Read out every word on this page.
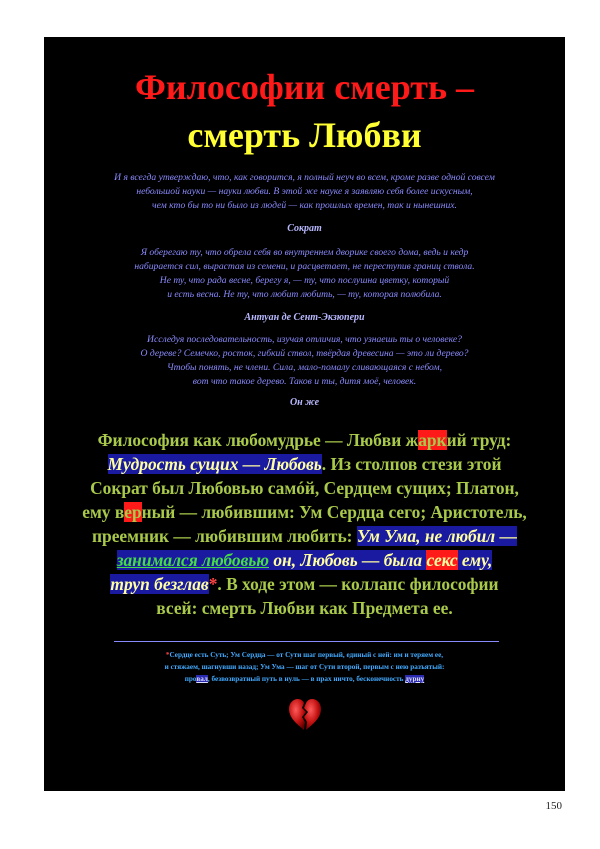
Философии смерть –
смерть Любви
И я всегда утверждаю, что, как говорится, я полный неуч во всем, кроме разве одной совсем
небольшой науки — науки любви. В этой же науке я заявляю себя более искусным,
чем кто бы то ни было из людей — как прошлых времен, так и нынешних.
Сократ
Я оберегаю ту, что обрела себя во внутреннем дворике своего дома, ведь и кедр
набирается сил, вырастая из семени, и расцветает, не переступив границ ствола.
Не ту, что рада весне, берегу я, — ту, что послушна цветку, который
и есть весна. Не ту, что любит любить, — ту, которая полюбила.
Антуан де Сент-Экзюпери
Исследуя последовательность, изучая отличия, что узнаешь ты о человеке?
О дереве? Семечко, росток, гибкий ствол, твёрдая древесина — это ли дерево?
Чтобы понять, не члени. Сила, мало-помалу сливающаяся с небом,
вот что такое дерево. Таков и ты, дитя моё, человек.
Он же
Философия как любомудрье — Любви жаркий труд:
Мудрость сущих — Любовь. Из столпов стези этой
Сократ был Любовью самóй, Сердцем сущих; Платон,
ему верный — любившим: Ум Сердца сего; Аристотель,
преемник — любившим любить: Ум Ума, не любил —
занимался любовью он, Любовь — была секс ему,
труп безглав*. В ходе этом — коллапс философии
всей: смерть Любви как Предмета ее.
*Сердце есть Суть; Ум Сердца — от Сути шаг первый, единый с ней: им и теряем ее,
и стяжаем, шагнувши назад; Ум Ума — шаг от Сути второй, первым с нею разъятый:
провал, безвозвратный путь в нуль — в прах ничто, бесконечность дурну
150
